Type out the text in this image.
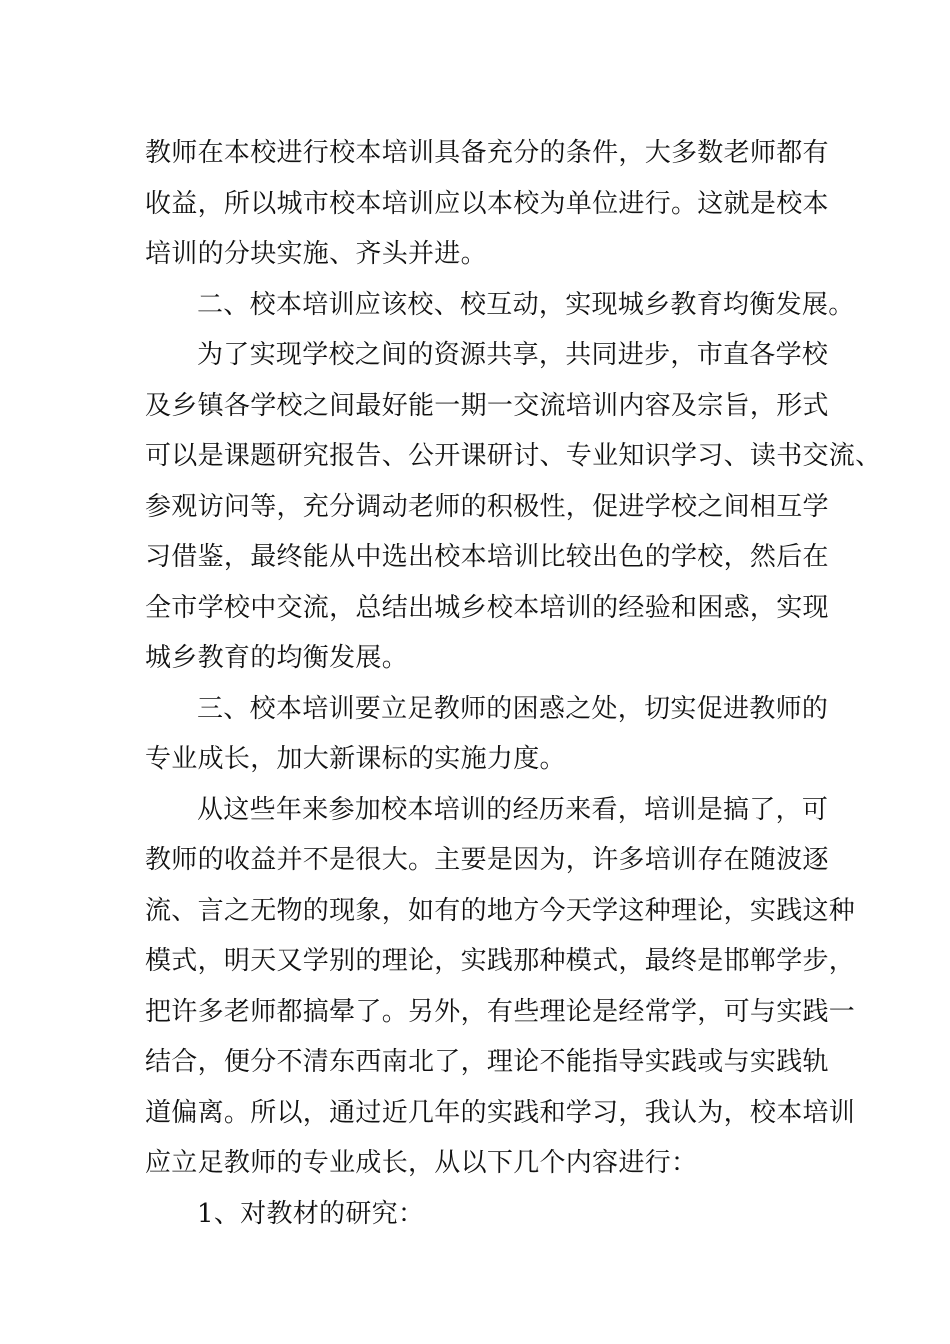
教师在本校进行校本培训具备充分的条件，大多数老师都有
收益，所以城市校本培训应以本校为单位进行。这就是校本
培训的分块实施、齐头并进。
二、校本培训应该校、校互动，实现城乡教育均衡发展。
为了实现学校之间的资源共享，共同进步，市直各学校
及乡镇各学校之间最好能一期一交流培训内容及宗旨，形式
可以是课题研究报告、公开课研讨、专业知识学习、读书交流、
参观访问等，充分调动老师的积极性，促进学校之间相互学
习借鉴，最终能从中选出校本培训比较出色的学校，然后在
全市学校中交流，总结出城乡校本培训的经验和困惑，实现
城乡教育的均衡发展。
三、校本培训要立足教师的困惑之处，切实促进教师的
专业成长，加大新课标的实施力度。
从这些年来参加校本培训的经历来看，培训是搞了，可
教师的收益并不是很大。主要是因为，许多培训存在随波逐
流、言之无物的现象，如有的地方今天学这种理论，实践这种
模式，明天又学别的理论，实践那种模式，最终是邯郸学步，
把许多老师都搞晕了。另外，有些理论是经常学，可与实践一
结合，便分不清东西南北了，理论不能指导实践或与实践轨
道偏离。所以，通过近几年的实践和学习，我认为，校本培训
应立足教师的专业成长，从以下几个内容进行：
1、对教材的研究：
